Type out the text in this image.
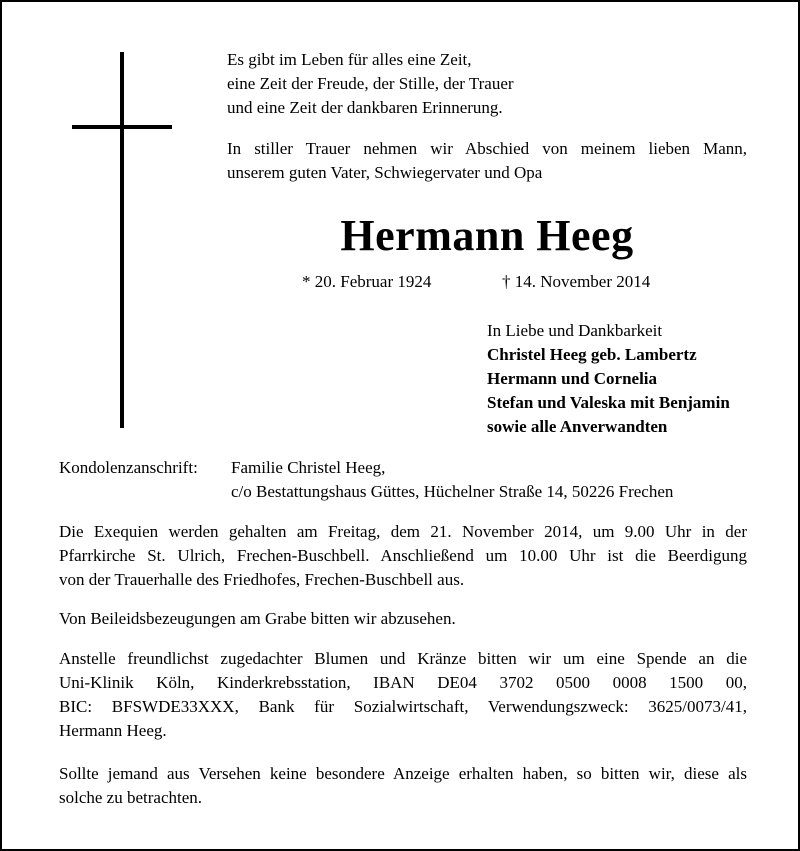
Es gibt im Leben für alles eine Zeit,
eine Zeit der Freude, der Stille, der Trauer
und eine Zeit der dankbaren Erinnerung.
In stiller Trauer nehmen wir Abschied von meinem lieben Mann,
unserem guten Vater, Schwiegervater und Opa
Hermann Heeg
* 20. Februar 1924	† 14. November 2014
In Liebe und Dankbarkeit
Christel Heeg geb. Lambertz
Hermann und Cornelia
Stefan und Valeska mit Benjamin
sowie alle Anverwandten
Kondolenzanschrift: Familie Christel Heeg,
c/o Bestattungshaus Güttes, Hüchelner Straße 14, 50226 Frechen
Die Exequien werden gehalten am Freitag, dem 21. November 2014, um 9.00 Uhr in der
Pfarrkirche St. Ulrich, Frechen-Buschbell. Anschließend um 10.00 Uhr ist die Beerdigung
von der Trauerhalle des Friedhofes, Frechen-Buschbell aus.
Von Beileidsbezeugungen am Grabe bitten wir abzusehen.
Anstelle freundlichst zugedachter Blumen und Kränze bitten wir um eine Spende an die
Uni-Klinik Köln, Kinderkrebsstation, IBAN DE04 3702 0500 0008 1500 00,
BIC: BFSWDE33XXX, Bank für Sozialwirtschaft, Verwendungszweck: 3625/0073/41,
Hermann Heeg.
Sollte jemand aus Versehen keine besondere Anzeige erhalten haben, so bitten wir, diese als
solche zu betrachten.
